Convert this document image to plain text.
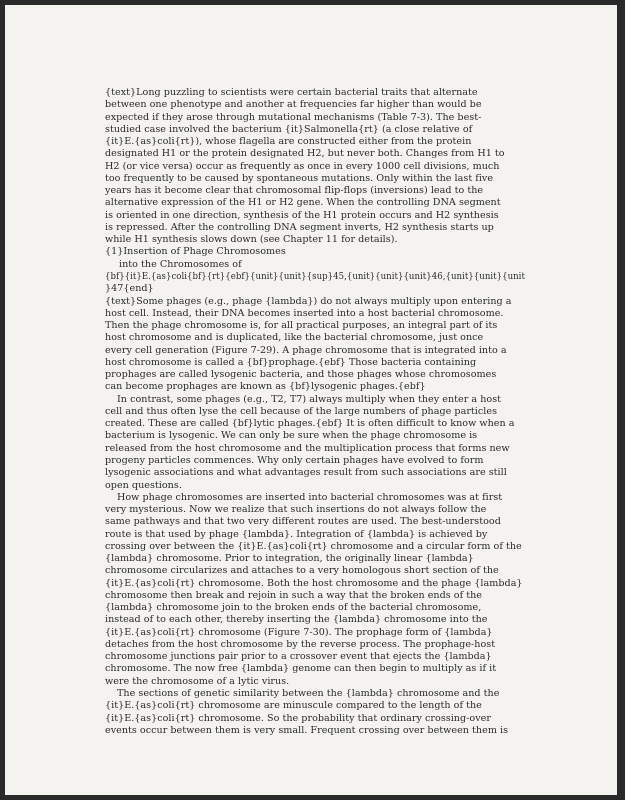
{text}Long puzzling to scientists were certain bacterial traits that alternate
between one phenotype and another at frequencies far higher than would be
expected if they arose through mutational mechanisms (Table 7-3). The best-
studied case involved the bacterium {it}Salmonella{rt} (a close relative of
{it}E.{as}coli{rt}), whose flagella are constructed either from the protein
designated H1 or the protein designated H2, but never both. Changes from H1 to
H2 (or vice versa) occur as frequently as once in every 1000 cell divisions, much
too frequently to be caused by spontaneous mutations. Only within the last five
years has it become clear that chromosomal flip-flops (inversions) lead to the
alternative expression of the H1 or H2 gene. When the controlling DNA segment
is oriented in one direction, synthesis of the H1 protein occurs and H2 synthesis
is repressed. After the controlling DNA segment inverts, H2 synthesis starts up
while H1 synthesis slows down (see Chapter 11 for details).
{1}Insertion of Phage Chromosomes
into the Chromosomes of
{bf}{it}E.{as}coli{bf}{rt}{ebf}{unit}{unit}{sup}45,{unit}{unit}{unit}46,{unit}{unit}{unit
}47{end}
{text}Some phages (e.g., phage {lambda}) do not always multiply upon entering a
host cell. Instead, their DNA becomes inserted into a host bacterial chromosome.
Then the phage chromosome is, for all practical purposes, an integral part of its
host chromosome and is duplicated, like the bacterial chromosome, just once
every cell generation (Figure 7-29). A phage chromosome that is integrated into a
host chromosome is called a {bf}prophage.{ebf} Those bacteria containing
prophages are called lysogenic bacteria, and those phages whose chromosomes
can become prophages are known as {bf}lysogenic phages.{ebf}
In contrast, some phages (e.g., T2, T7) always multiply when they enter a host
cell and thus often lyse the cell because of the large numbers of phage particles
created. These are called {bf}lytic phages.{ebf} It is often difficult to know when a
bacterium is lysogenic. We can only be sure when the phage chromosome is
released from the host chromosome and the multiplication process that forms new
progeny particles commences. Why only certain phages have evolved to form
lysogenic associations and what advantages result from such associations are still
open questions.
How phage chromosomes are inserted into bacterial chromosomes was at first
very mysterious. Now we realize that such insertions do not always follow the
same pathways and that two very different routes are used. The best-understood
route is that used by phage {lambda}. Integration of {lambda} is achieved by
crossing over between the {it}E.{as}coli{rt} chromosome and a circular form of the
{lambda} chromosome. Prior to integration, the originally linear {lambda}
chromosome circularizes and attaches to a very homologous short section of the
{it}E.{as}coli{rt} chromosome. Both the host chromosome and the phage {lambda}
chromosome then break and rejoin in such a way that the broken ends of the
{lambda} chromosome join to the broken ends of the bacterial chromosome,
instead of to each other, thereby inserting the {lambda} chromosome into the
{it}E.{as}coli{rt} chromosome (Figure 7-30). The prophage form of {lambda}
detaches from the host chromosome by the reverse process. The prophage-host
chromosome junctions pair prior to a crossover event that ejects the {lambda}
chromosome. The now free {lambda} genome can then begin to multiply as if it
were the chromosome of a lytic virus.
The sections of genetic similarity between the {lambda} chromosome and the
{it}E.{as}coli{rt} chromosome are minuscule compared to the length of the
{it}E.{as}coli{rt} chromosome. So the probability that ordinary crossing-over
events occur between them is very small. Frequent crossing over between them is
